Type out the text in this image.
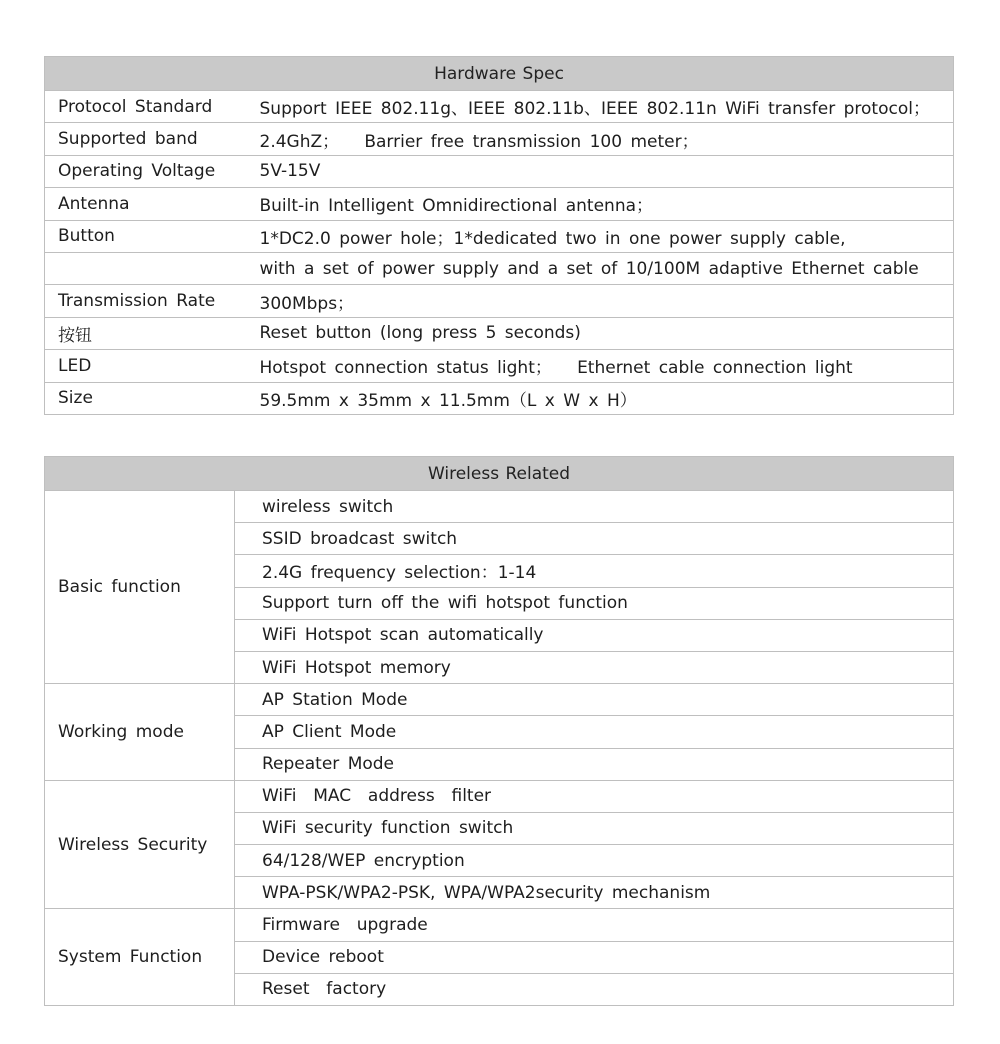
Hardware Spec	
Protocol Standard	Support IEEE 802.11g、IEEE 802.11b、IEEE 802.11n WiFi transfer protocol；
Supported band	2.4GhZ；   Barrier free transmission 100 meter；
Operating Voltage	5V-15V
Antenna	Built-in Intelligent Omnidirectional antenna；
Button	1*DC2.0 power hole；1*dedicated two in one power supply cable,
	with a set of power supply and a set of 10/100M adaptive Ethernet cable
Transmission Rate	300Mbps；
按钮	Reset button (long press 5 seconds)
LED	Hotspot connection status light；   Ethernet cable connection light
Size	59.5mm x 35mm x 11.5mm（L x W x H）
Wireless Related	
Basic function	wireless switch
	SSID broadcast switch
	2.4G frequency selection：1-14
	Support turn off the wifi hotspot function
	WiFi Hotspot scan automatically
	WiFi Hotspot memory
Working mode	AP Station Mode
	AP Client Mode
	Repeater Mode
Wireless Security	WiFi  MAC  address  filter
	WiFi security function switch
	64/128/WEP encryption
	WPA-PSK/WPA2-PSK, WPA/WPA2security mechanism
System Function	Firmware  upgrade
	Device reboot
	Reset  factory
